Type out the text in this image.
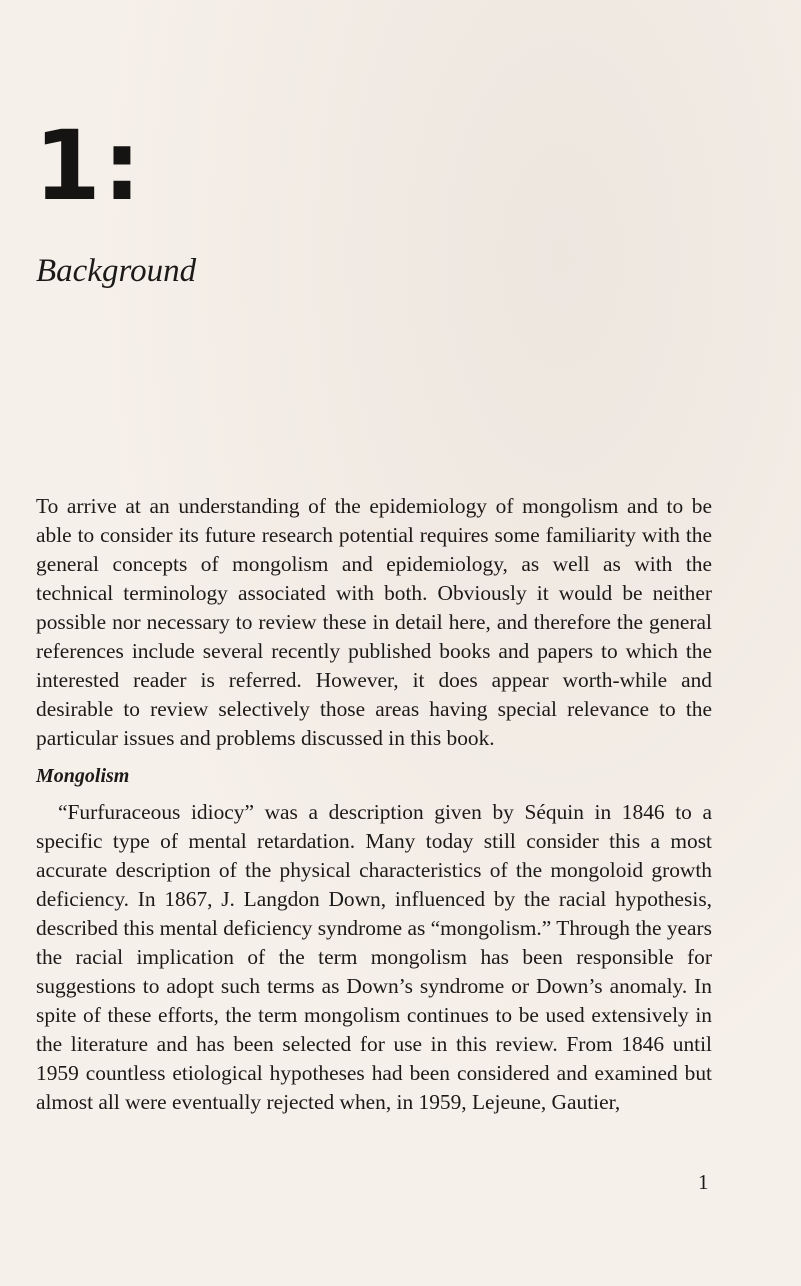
1:
Background

To arrive at an understanding of the epidemiology of mongolism and to be able to consider its future research potential requires some familiarity with the general concepts of mongolism and epidemiology, as well as with the technical terminology associated with both. Obviously it would be neither possible nor necessary to review these in detail here, and therefore the general references include several recently published books and papers to which the interested reader is referred. However, it does appear worth-while and desirable to review selectively those areas having special relevance to the particular issues and problems discussed in this book.

Mongolism

“Furfuraceous idiocy” was a description given by Séquin in 1846 to a specific type of mental retardation. Many today still consider this a most accurate description of the physical characteristics of the mongoloid growth deficiency. In 1867, J. Langdon Down, influenced by the racial hypothesis, described this mental deficiency syndrome as “mongolism.” Through the years the racial implication of the term mongolism has been responsible for suggestions to adopt such terms as Down’s syndrome or Down’s anomaly. In spite of these efforts, the term mongolism continues to be used extensively in the literature and has been selected for use in this review. From 1846 until 1959 countless etiological hypotheses had been considered and examined but almost all were eventually rejected when, in 1959, Lejeune, Gautier,

1
